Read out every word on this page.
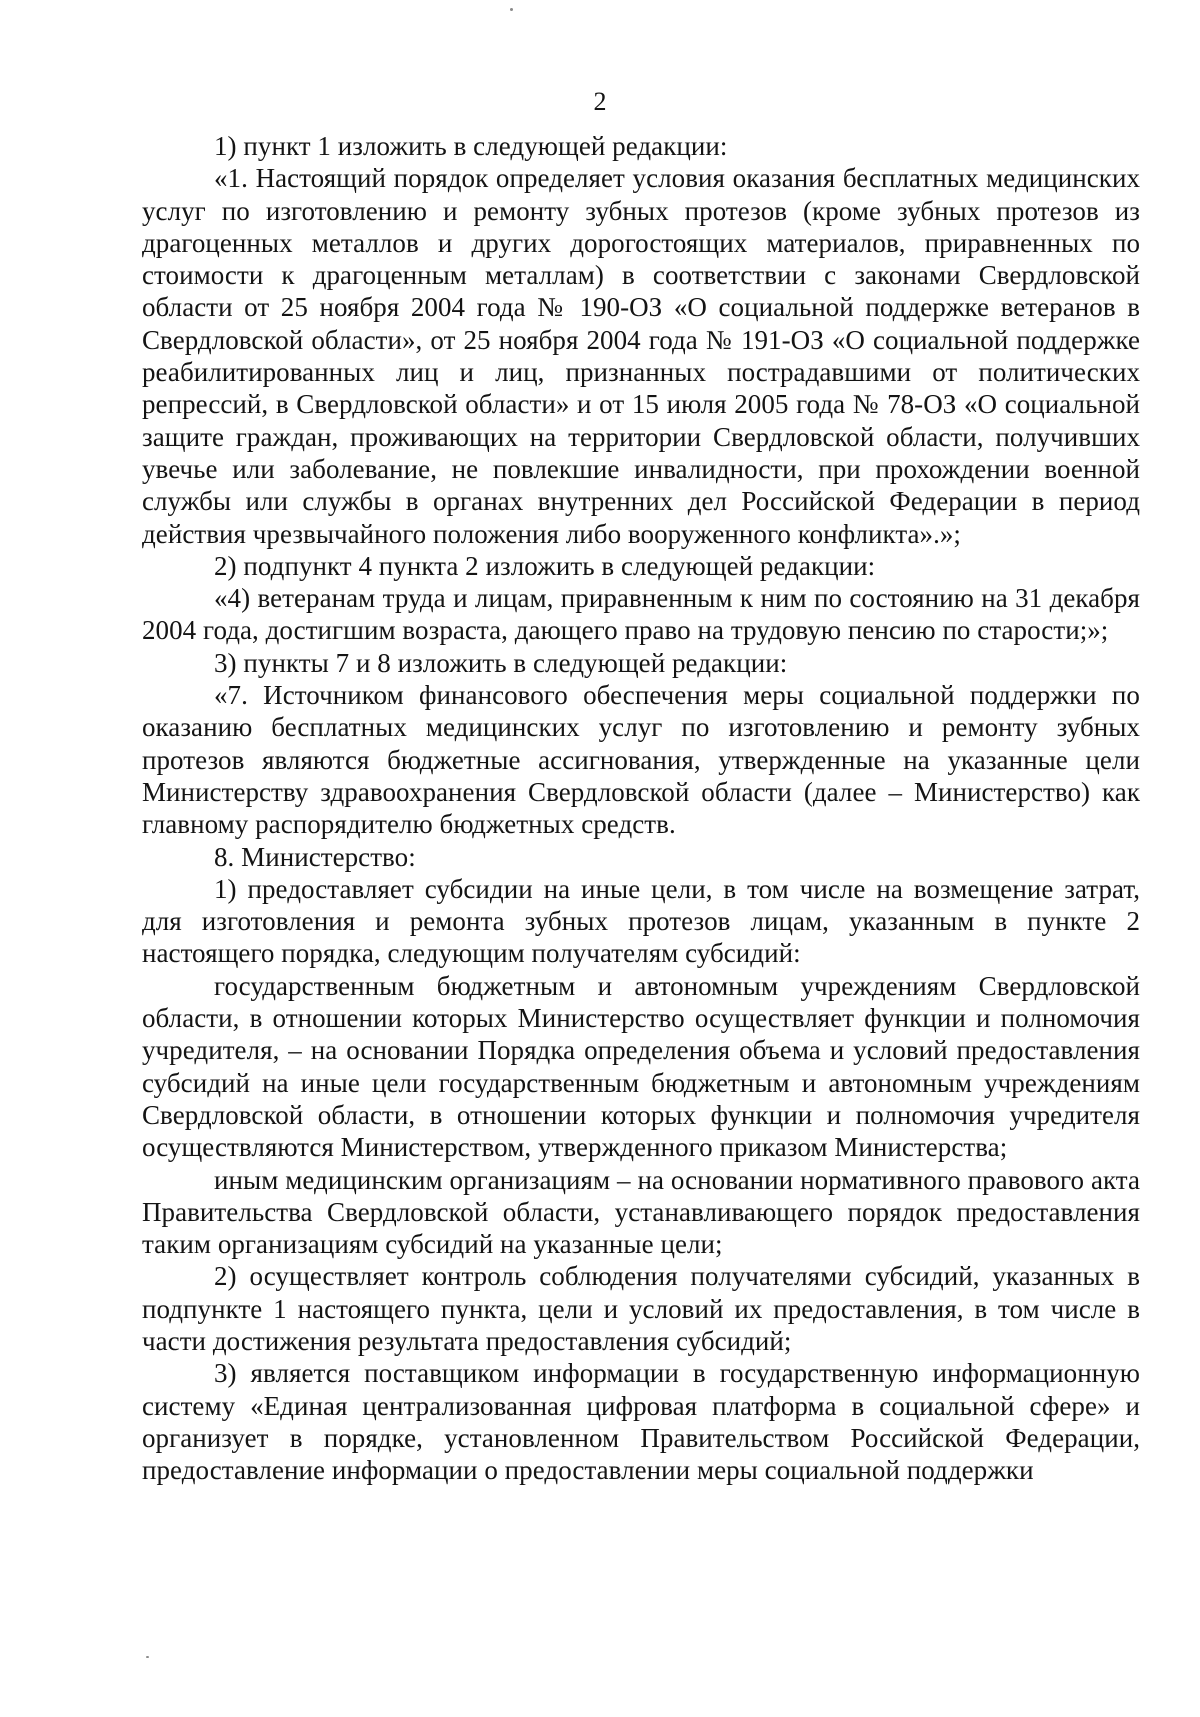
2

1) пункт 1 изложить в следующей редакции:

«1. Настоящий порядок определяет условия оказания бесплатных медицинских услуг по изготовлению и ремонту зубных протезов (кроме зубных протезов из драгоценных металлов и других дорогостоящих материалов, приравненных по стоимости к драгоценным металлам) в соответствии с законами Свердловской области от 25 ноября 2004 года № 190-ОЗ «О социальной поддержке ветеранов в Свердловской области», от 25 ноября 2004 года № 191-ОЗ «О социальной поддержке реабилитированных лиц и лиц, признанных пострадавшими от политических репрессий, в Свердловской области» и от 15 июля 2005 года № 78-ОЗ «О социальной защите граждан, проживающих на территории Свердловской области, получивших увечье или заболевание, не повлекшие инвалидности, при прохождении военной службы или службы в органах внутренних дел Российской Федерации в период действия чрезвычайного положения либо вооруженного конфликта».»;

2) подпункт 4 пункта 2 изложить в следующей редакции:

«4) ветеранам труда и лицам, приравненным к ним по состоянию на 31 декабря 2004 года, достигшим возраста, дающего право на трудовую пенсию по старости;»;

3) пункты 7 и 8 изложить в следующей редакции:

«7. Источником финансового обеспечения меры социальной поддержки по оказанию бесплатных медицинских услуг по изготовлению и ремонту зубных протезов являются бюджетные ассигнования, утвержденные на указанные цели Министерству здравоохранения Свердловской области (далее – Министерство) как главному распорядителю бюджетных средств.

8. Министерство:

1) предоставляет субсидии на иные цели, в том числе на возмещение затрат, для изготовления и ремонта зубных протезов лицам, указанным в пункте 2 настоящего порядка, следующим получателям субсидий:

государственным бюджетным и автономным учреждениям Свердловской области, в отношении которых Министерство осуществляет функции и полномочия учредителя, – на основании Порядка определения объема и условий предоставления субсидий на иные цели государственным бюджетным и автономным учреждениям Свердловской области, в отношении которых функции и полномочия учредителя осуществляются Министерством, утвержденного приказом Министерства;

иным медицинским организациям – на основании нормативного правового акта Правительства Свердловской области, устанавливающего порядок предоставления таким организациям субсидий на указанные цели;

2) осуществляет контроль соблюдения получателями субсидий, указанных в подпункте 1 настоящего пункта, цели и условий их предоставления, в том числе в части достижения результата предоставления субсидий;

3) является поставщиком информации в государственную информационную систему «Единая централизованная цифровая платформа в социальной сфере» и организует в порядке, установленном Правительством Российской Федерации, предоставление информации о предоставлении меры социальной поддержки
